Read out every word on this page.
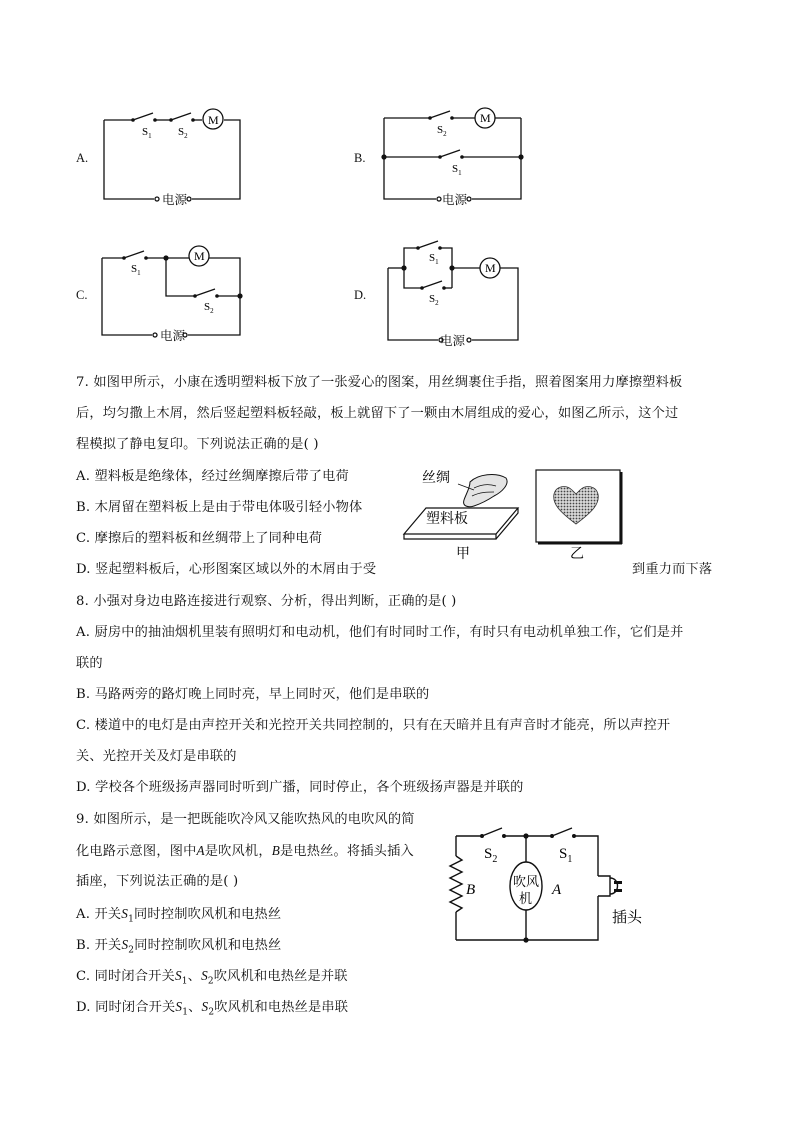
A.
M
$S_1$ $S_2$
电源
B.
M
$S_2$
$S_1$
电源
C.
M
$S_1$
$S_2$
电源
D.
M
$S_1$
$S_2$
电源
7. 如图甲所示，小康在透明塑料板下放了一张爱心的图案，用丝绸裹住手指，照着图案用力摩擦塑料板
后，均匀撒上木屑，然后竖起塑料板轻敲，板上就留下了一颗由木屑组成的爱心，如图乙所示，这个过
程模拟了静电复印。下列说法正确的是( )
A. 塑料板是绝缘体，经过丝绸摩擦后带了电荷
B. 木屑留在塑料板上是由于带电体吸引轻小物体
C. 摩擦后的塑料板和丝绸带上了同种电荷
D. 竖起塑料板后，心形图案区域以外的木屑由于受	到重力而下落
丝绸
塑料板
甲	乙
8. 小强对身边电路连接进行观察、分析，得出判断，正确的是( )
A. 厨房中的抽油烟机里装有照明灯和电动机，他们有时同时工作，有时只有电动机单独工作，它们是并
联的
B. 马路两旁的路灯晚上同时亮，早上同时灭，他们是串联的
C. 楼道中的电灯是由声控开关和光控开关共同控制的，只有在天暗并且有声音时才能亮，所以声控开
关、光控开关及灯是串联的
D. 学校各个班级扬声器同时听到广播，同时停止，各个班级扬声器是并联的
9. 如图所示，是一把既能吹冷风又能吹热风的电吹风的简
化电路示意图，图中A是吹风机，B是电热丝。将插头插入
插座，下列说法正确的是( )
A. 开关$S_1$同时控制吹风机和电热丝
B. 开关$S_2$同时控制吹风机和电热丝
C. 同时闭合开关$S_1$、$S_2$吹风机和电热丝是并联
D. 同时闭合开关$S_1$、$S_2$吹风机和电热丝是串联
$S_2$	$S_1$
B	A
吹风
机
插头
